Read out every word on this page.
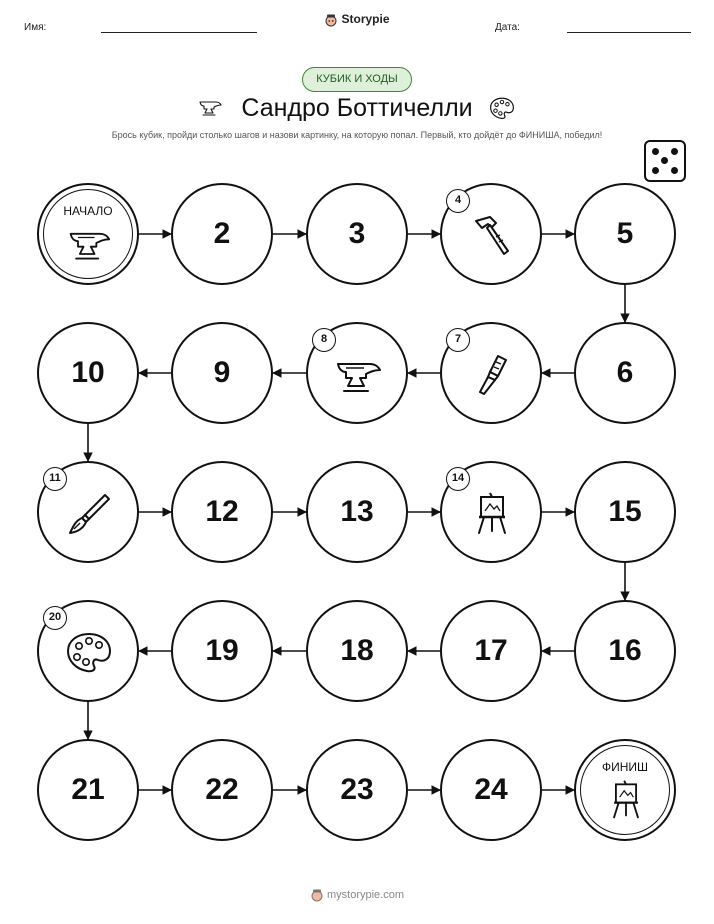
Имя:
Storypie
Дата:
КУБИК И ХОДЫ
Сандро Боттичелли
Брось кубик, пройди столько шагов и назови картинку, на которую попал. Первый, кто дойдёт до ФИНИША, победил!
НАЧАЛО
2	3
4
5
6
7
8
9
10
11
12	13
14
15
16
17
18
19
20
21	22	23	24
ФИНИШ
mystorypie.com
